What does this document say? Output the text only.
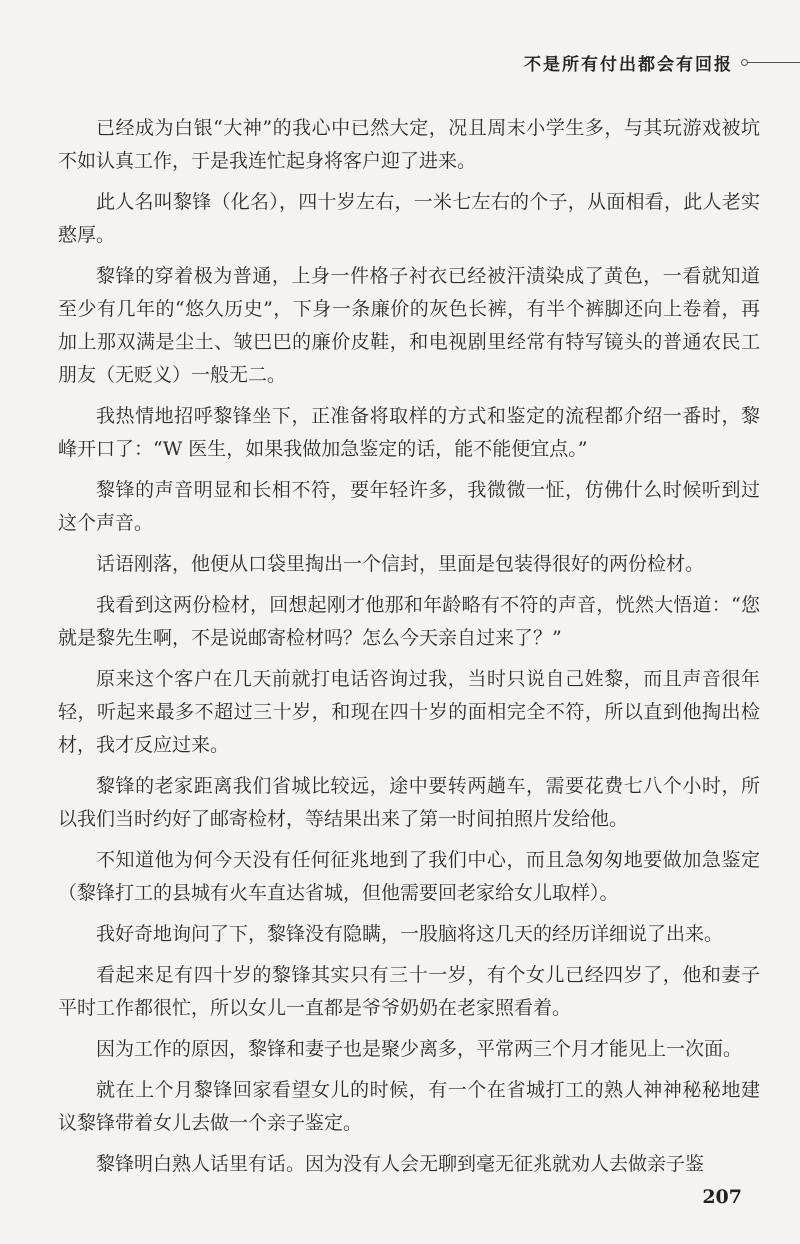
不是所有付出都会有回报

已经成为白银“大神”的我心中已然大定，况且周末小学生多，与其玩游戏被坑不如认真工作，于是我连忙起身将客户迎了进来。

此人名叫黎锋（化名），四十岁左右，一米七左右的个子，从面相看，此人老实憨厚。

黎锋的穿着极为普通，上身一件格子衬衣已经被汗渍染成了黄色，一看就知道至少有几年的“悠久历史”，下身一条廉价的灰色长裤，有半个裤脚还向上卷着，再加上那双满是尘土、皱巴巴的廉价皮鞋，和电视剧里经常有特写镜头的普通农民工朋友（无贬义）一般无二。

我热情地招呼黎锋坐下，正准备将取样的方式和鉴定的流程都介绍一番时，黎峰开口了：“W 医生，如果我做加急鉴定的话，能不能便宜点。”

黎锋的声音明显和长相不符，要年轻许多，我微微一怔，仿佛什么时候听到过这个声音。

话语刚落，他便从口袋里掏出一个信封，里面是包装得很好的两份检材。

我看到这两份检材，回想起刚才他那和年龄略有不符的声音，恍然大悟道：“您就是黎先生啊，不是说邮寄检材吗？怎么今天亲自过来了？”

原来这个客户在几天前就打电话咨询过我，当时只说自己姓黎，而且声音很年轻，听起来最多不超过三十岁，和现在四十岁的面相完全不符，所以直到他掏出检材，我才反应过来。

黎锋的老家距离我们省城比较远，途中要转两趟车，需要花费七八个小时，所以我们当时约好了邮寄检材，等结果出来了第一时间拍照片发给他。

不知道他为何今天没有任何征兆地到了我们中心，而且急匆匆地要做加急鉴定（黎锋打工的县城有火车直达省城，但他需要回老家给女儿取样）。

我好奇地询问了下，黎锋没有隐瞒，一股脑将这几天的经历详细说了出来。

看起来足有四十岁的黎锋其实只有三十一岁，有个女儿已经四岁了，他和妻子平时工作都很忙，所以女儿一直都是爷爷奶奶在老家照看着。

因为工作的原因，黎锋和妻子也是聚少离多，平常两三个月才能见上一次面。

就在上个月黎锋回家看望女儿的时候，有一个在省城打工的熟人神神秘秘地建议黎锋带着女儿去做一个亲子鉴定。

黎锋明白熟人话里有话。因为没有人会无聊到毫无征兆就劝人去做亲子鉴

207
